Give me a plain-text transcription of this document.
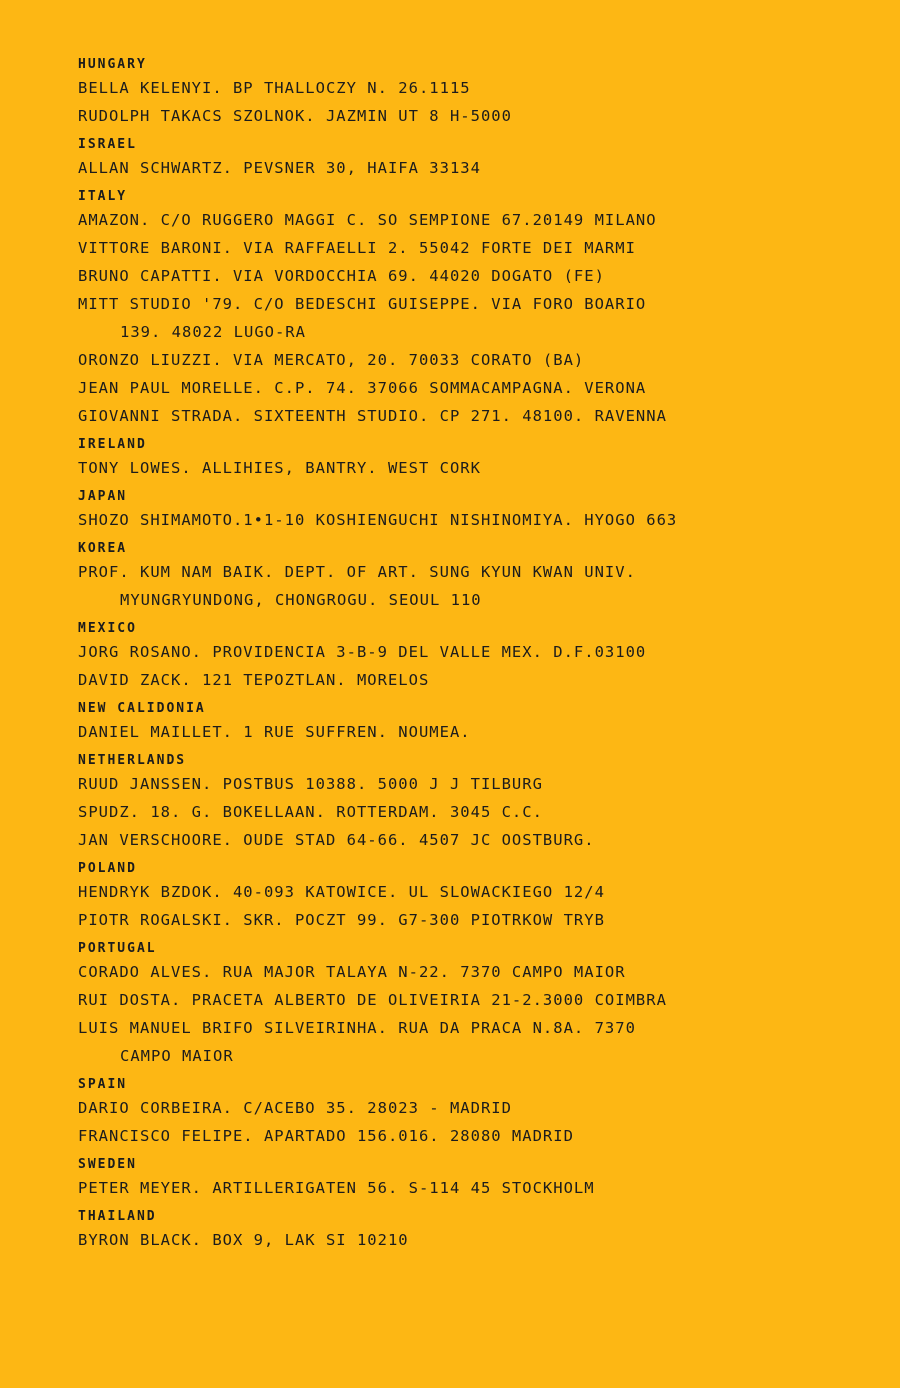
HUNGARY
BELLA KELENYI. BP THALLOCZY N. 26.1115
RUDOLPH TAKACS SZOLNOK. JAZMIN UT 8 H-5000
ISRAEL
ALLAN SCHWARTZ. PEVSNER 30, HAIFA 33134
ITALY
AMAZON. C/O RUGGERO MAGGI C. SO SEMPIONE 67.20149 MILANO
VITTORE BARONI. VIA RAFFAELLI 2. 55042 FORTE DEI MARMI
BRUNO CAPATTI. VIA VORDOCCHIA 69. 44020 DOGATO (FE)
MITT STUDIO '79. C/O BEDESCHI GUISEPPE. VIA FORO BOARIO
139. 48022 LUGO-RA
ORONZO LIUZZI. VIA MERCATO, 20. 70033 CORATO (BA)
JEAN PAUL MORELLE. C.P. 74. 37066 SOMMACAMPAGNA. VERONA
GIOVANNI STRADA. SIXTEENTH STUDIO. CP 271. 48100. RAVENNA
IRELAND
TONY LOWES. ALLIHIES, BANTRY. WEST CORK
JAPAN
SHOZO SHIMAMOTO.1•1-10 KOSHIENGUCHI NISHINOMIYA. HYOGO 663
KOREA
PROF. KUM NAM BAIK. DEPT. OF ART. SUNG KYUN KWAN UNIV.
MYUNGRYUNDONG, CHONGROGU. SEOUL 110
MEXICO
JORG ROSANO. PROVIDENCIA 3-B-9 DEL VALLE MEX. D.F.03100
DAVID ZACK. 121 TEPOZTLAN. MORELOS
NEW CALIDONIA
DANIEL MAILLET. 1 RUE SUFFREN. NOUMEA.
NETHERLANDS
RUUD JANSSEN. POSTBUS 10388. 5000 J J TILBURG
SPUDZ. 18. G. BOKELLAAN. ROTTERDAM. 3045 C.C.
JAN VERSCHOORE. OUDE STAD 64-66. 4507 JC OOSTBURG.
POLAND
HENDRYK BZDOK. 40-093 KATOWICE. UL SLOWACKIEGO 12/4
PIOTR ROGALSKI. SKR. POCZT 99. G7-300 PIOTRKOW TRYB
PORTUGAL
CORADO ALVES. RUA MAJOR TALAYA N-22. 7370 CAMPO MAIOR
RUI DOSTA. PRACETA ALBERTO DE OLIVEIRIA 21-2.3000 COIMBRA
LUIS MANUEL BRIFO SILVEIRINHA. RUA DA PRACA N.8A. 7370
CAMPO MAIOR
SPAIN
DARIO CORBEIRA. C/ACEBO 35. 28023 - MADRID
FRANCISCO FELIPE. APARTADO 156.016. 28080 MADRID
SWEDEN
PETER MEYER. ARTILLERIGATEN 56. S-114 45 STOCKHOLM
THAILAND
BYRON BLACK. BOX 9, LAK SI 10210
